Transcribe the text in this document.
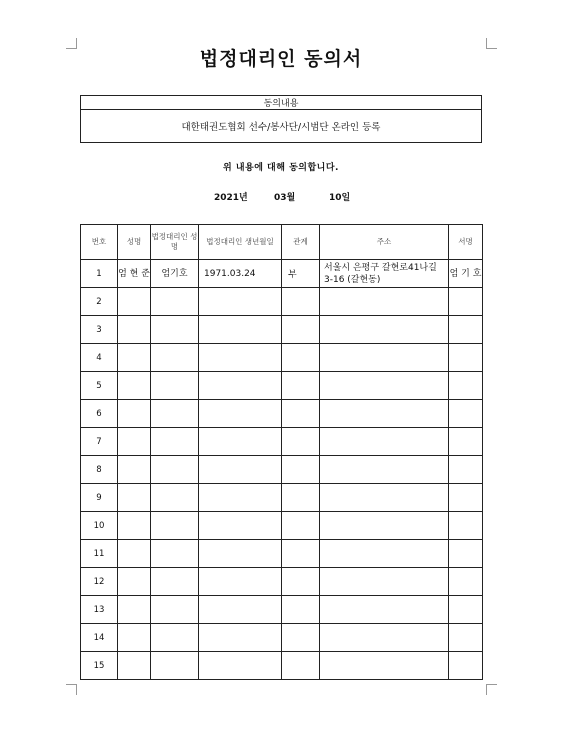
법정대리인 동의서
동의내용
대한태권도협회 선수/봉사단/시범단 온라인 등록
위 내용에 대해 동의합니다.
2021년	03월	10일
번호	성명	법정대리인 성명	법정대리인 생년월일	관계	주소	서명
1	엄 현 준	엄기호	1971.03.24	부	서울시 은평구 갈현로41나길 3-16 (갈현동)	엄 기 호
2						
3						
4						
5						
6						
7						
8						
9						
10						
11						
12						
13						
14						
15						
